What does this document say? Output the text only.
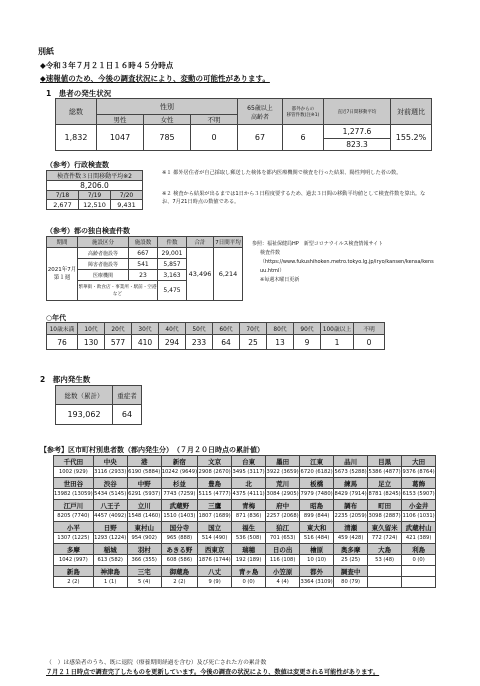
別紙
◆令和３年７月２１日１６時４５分時点
◆速報値のため、今後の調査状況により、変動の可能性があります。
1　患者の発生状況
総数	性別			65歳以上
高齢者	都外からの
移管件数(注※1)	直近7日間移動平均	対前週比
	男性	女性	不明				
1,832	1047	785	0	67	6	1,277.6	155.2%
						823.3	
（参考）行政検査数
検査件数３日間移動平均※2		
8,206.0		
7/18	7/19	7/20
2,677	12,510	9,431
※１ 都外居住者が自己採取し郵送した検体を都内医療機関で検査を行った結果、陽性判明した者の数。
※２ 検査から結果が出るまでは1日から３日程度要するため、過去３日間の移動平均値として検査件数を算出。なお、7月21日時点の数値である。
（参考）都の独自検査件数
期間	施設区分	施設数	件数	合計	7日間平均
2021年7月第１週	高齢者施設等	667	29,001	43,496	6,214
	障害者施設等	541	5,857		
	医療機関	23	3,163		
	繁華街・飲食店・事業所・駅前・空港など		5,475		
参照：福祉保健局HP　新型コロナウイルス検査情報サイト
検査件数
（https://www.fukushihoken.metro.tokyo.lg.jp/iryo/kansen/kensa/kensuu.html）
※毎週木曜日更新
○年代
10歳未満	10代	20代	30代	40代	50代	60代	70代	80代	90代	100歳以上	不明
76	130	577	410	294	233	64	25	13	9	1	0
2　都内発生数
総数（累計）	重症者
193,062	64
【参考】区市町村別患者数（都内発生分）　（７月２０日時点の累計値）
千代田	中央	港	新宿	文京	台東	墨田	江東	品川	目黒	大田
1002 (929)	3116 (2933)	6190 (5884)	10242 (9649)	2908 (2670)	3495 (3117)	3922 (3659)	6720 (6182)	5673 (5288)	5386 (4877)	9376 (8764)
世田谷	渋谷	中野	杉並	豊島	北	荒川	板橋	練馬	足立	葛飾
13982 (13059)	5434 (5145)	6291 (5937)	7743 (7259)	5115 (4777)	4375 (4111)	3084 (2905)	7979 (7480)	8429 (7914)	8781 (8245)	6153 (5907)
江戸川	八王子	立川	武蔵野	三鷹	青梅	府中	昭島	調布	町田	小金井
8205 (7740)	4457 (4092)	1548 (1460)	1510 (1403)	1807 (1689)	871 (836)	2257 (2068)	899 (844)	2235 (2059)	3098 (2887)	1106 (1031)
小平	日野	東村山	国分寺	国立	福生	狛江	東大和	清瀬	東久留米	武蔵村山
1307 (1225)	1293 (1224)	954 (902)	965 (888)	514 (490)	536 (508)	701 (653)	516 (484)	459 (428)	772 (724)	421 (389)
多摩	稲城	羽村	あきる野	西東京	瑞穂	日の出	檜原	奥多摩	大島	利島
1042 (997)	613 (582)	366 (355)	608 (586)	1876 (1744)	192 (189)	116 (108)	10 (10)	25 (25)	53 (48)	0 (0)
新島	神津島	三宅	御蔵島	八丈	青ヶ島	小笠原	都外	調査中		
2 (2)	1 (1)	5 (4)	2 (2)	9 (9)	0 (0)	4 (4)	3364 (3109)	80 (79)		
（　）は感染者のうち、既に退院（療養期間経過を含む）及び死亡された方の累計数
７月２１日時点で調査完了したものを更新しています。今後の調査の状況により、数値は変更される可能性があります。
